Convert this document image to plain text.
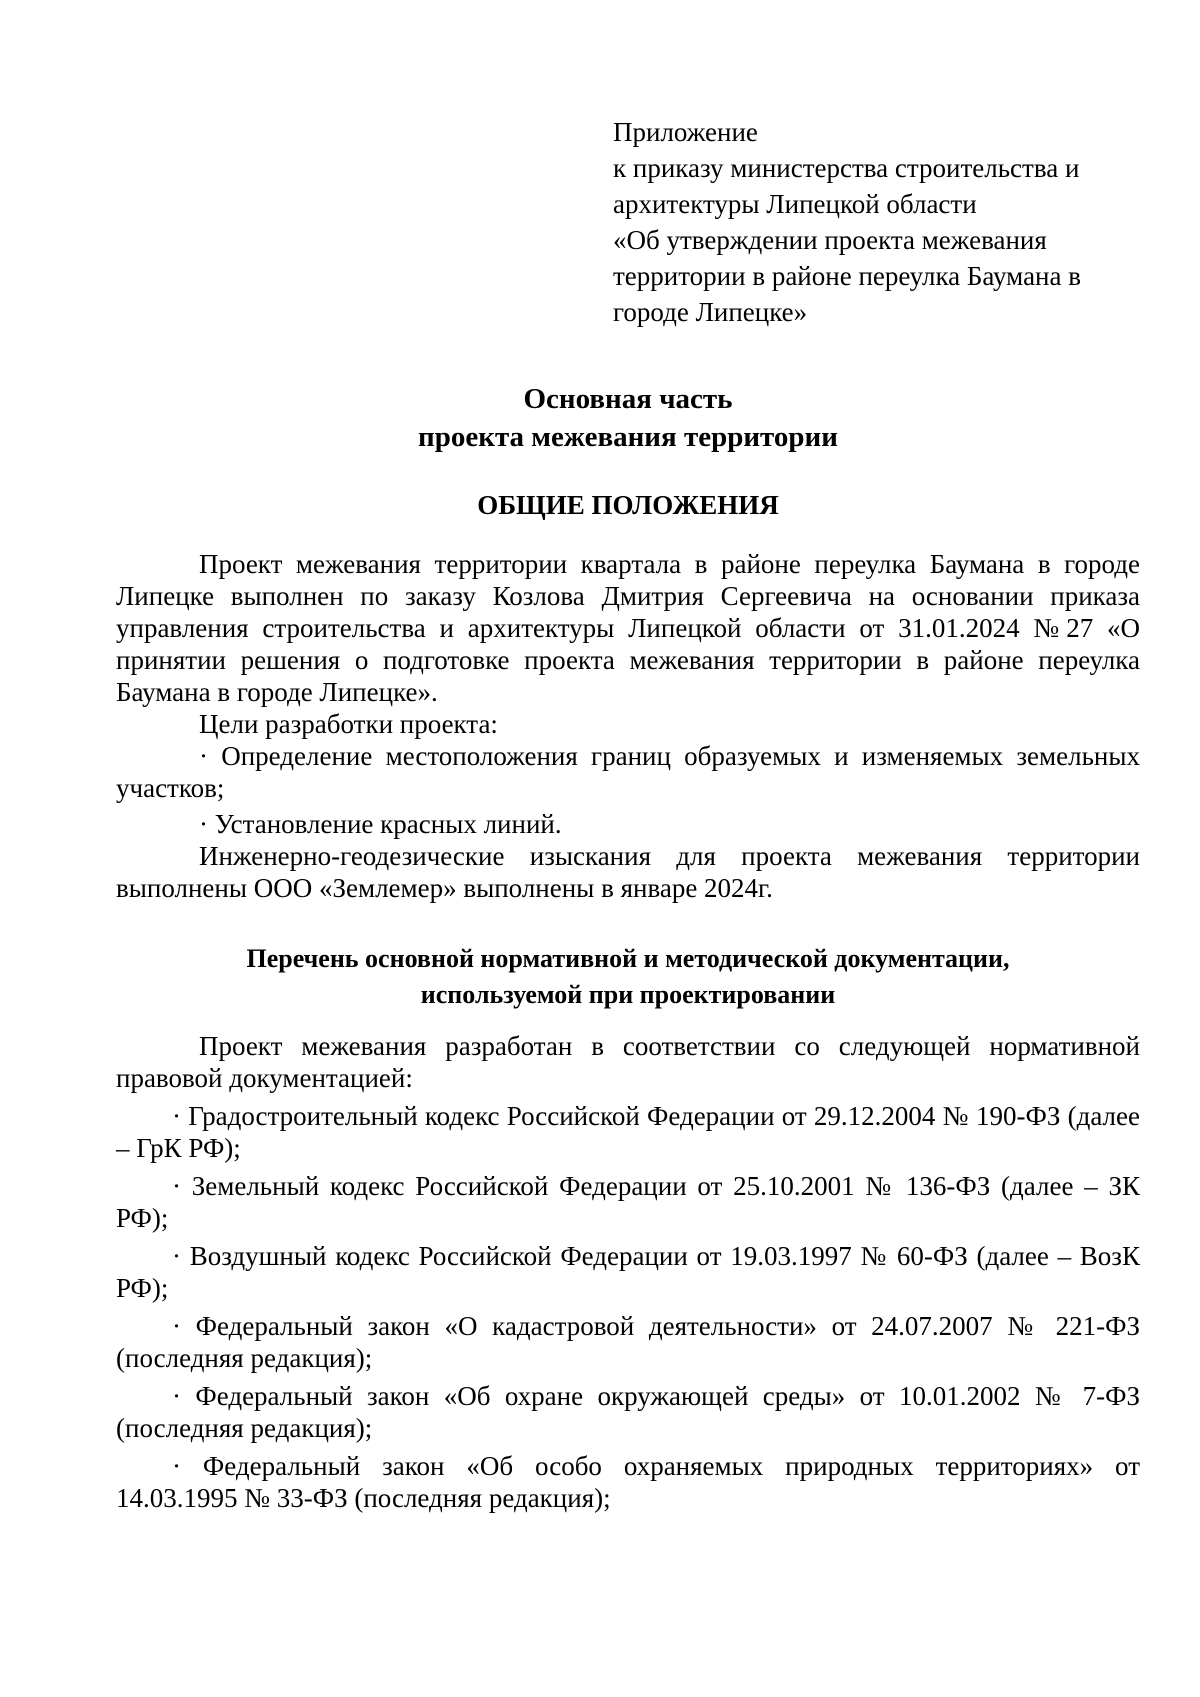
Приложение
к приказу министерства строительства и
архитектуры Липецкой области
«Об утверждении проекта межевания
территории в районе переулка Баумана в
городе Липецке»
Основная часть
проекта межевания территории
ОБЩИЕ ПОЛОЖЕНИЯ

Проект межевания территории квартала в районе переулка Баумана в городе Липецке выполнен по заказу Козлова Дмитрия Сергеевича на основании приказа управления строительства и архитектуры Липецкой области от 31.01.2024 №27 «О принятии решения о подготовке проекта межевания территории в районе переулка Баумана в городе Липецке».

Цели разработки проекта:

· Определение местоположения границ образуемых и изменяемых земельных участков;

· Установление красных линий.

Инженерно-геодезические изыскания для проекта межевания территории выполнены ООО «Землемер» выполнены в январе 2024г.

Перечень основной нормативной и методической документации,
используемой при проектировании

Проект межевания разработан в соответствии со следующей нормативной правовой документацией:

· Градостроительный кодекс Российской Федерации от 29.12.2004 № 190-ФЗ (далее – ГрК РФ);

· Земельный кодекс Российской Федерации от 25.10.2001 № 136-ФЗ (далее – ЗК РФ);

· Воздушный кодекс Российской Федерации от 19.03.1997 № 60-ФЗ (далее – ВозК РФ);

· Федеральный закон «О кадастровой деятельности» от 24.07.2007 № 221-ФЗ (последняя редакция);

· Федеральный закон «Об охране окружающей среды» от 10.01.2002 № 7-ФЗ (последняя редакция);

· Федеральный закон «Об особо охраняемых природных территориях» от 14.03.1995 № 33-ФЗ (последняя редакция);
